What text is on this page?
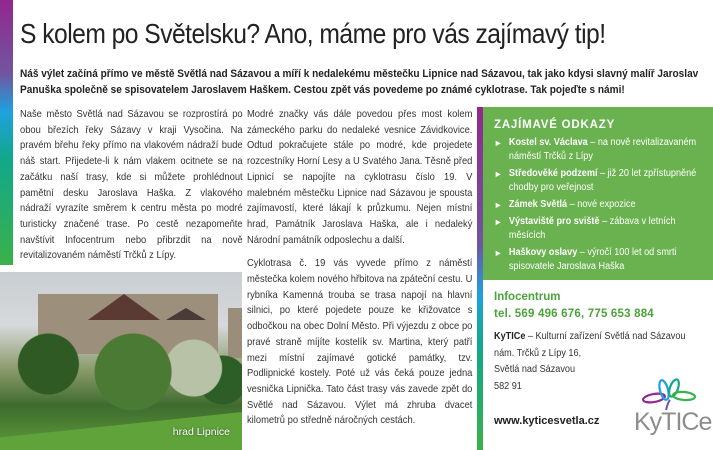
S kolem po Světelsku? Ano, máme pro vás zajímavý tip!

Náš výlet začíná přímo ve městě Světlá nad Sázavou a míří k nedalekému městečku Lipnice nad Sázavou, tak jako kdysi slavný malíř Jaroslav Panuška společně se spisovatelem Jaroslavem Haškem. Cestou zpět vás povedeme po známé cyklotrase. Tak pojeďte s námi!

Naše město Světlá nad Sázavou se rozprostírá po obou březích řeky Sázavy v kraji Vysočina. Na pravém břehu řeky přímo na vlakovém nádraží bude náš start. Přijedete-li k nám vlakem ocitnete se na začátku naší trasy, kde si můžete prohlédnout pamětní desku Jaroslava Haška. Z vlakového nádraží vyrazíte směrem k centru města po modré turisticky značené trase. Po cestě nezapomeňte navštívit Infocentrum nebo přibrzdit na nově revitalizovaném náměstí Trčků z Lípy.

Modré značky vás dále povedou přes most kolem zámeckého parku do nedaleké vesnice Závidkovice. Odtud pokračujete stále po modré, kde projedete rozcestníky Horní Lesy a U Svatého Jana. Těsně před Lipnicí se napojíte na cyklotrasu číslo 19. V malebném městečku Lipnice nad Sázavou je spousta zajímavostí, které lákají k průzkumu. Nejen místní hrad, Památník Jaroslava Haška, ale i nedaleký Národní památník odposlechu a další.

Cyklotrasa č. 19 vás vyvede přímo z náměstí městečka kolem nového hřbitova na zpáteční cestu. U rybníka Kamenná trouba se trasa napojí na hlavní silnici, po které pojedete pouze ke křižovatce s odbočkou na obec Dolní Město. Při výjezdu z obce po pravé straně míjíte kostelík sv. Martina, který patří mezi místní zajímavé gotické památky, tzv. Podlipnické kostely. Poté už vás čeká pouze jedna vesnička Lipnička. Tato část trasy vás zavede zpět do Světlé nad Sázavou. Výlet má zhruba dvacet kilometrů po středně náročných cestách.

hrad Lipnice
ZAJÍMAVÉ ODKAZY
► Kostel sv. Václava – na nově revitalizavaném náměstí Trčků z Lípy
► Středověké podzemí – již 20 let zpřístupněné chodby pro veřejnost
► Zámek Světlá – nové expozice
► Výstaviště pro sviště – zábava v letních měsících
► Haškovy oslavy – výročí 100 let od smrti spisovatele Jaroslava Haška
Infocentrum
tel. 569 496 676, 775 653 884
KyTICe – Kulturní zařízení Světlá nad Sázavou
nám. Trčků z Lípy 16,
Světlá nad Sázavou
582 91
www.kyticesvetla.cz KyTICe
